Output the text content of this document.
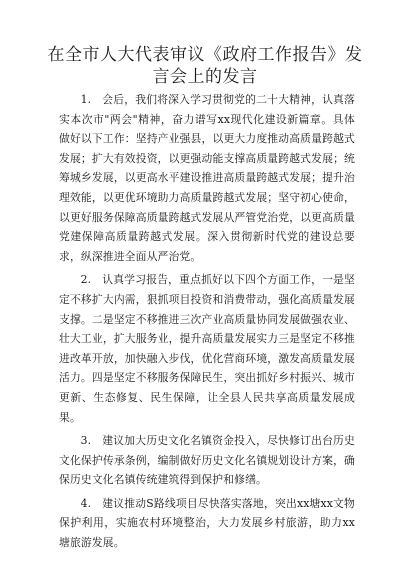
在全市人大代表审议《政府工作报告》发言会上的发言

1.　会后，我们将深入学习贯彻党的二十大精神，认真落实本次市"两会"精神，奋力谱写xx现代化建设新篇章。具体做好以下工作：坚持产业强县，以更大力度推动高质量跨越式发展；扩大有效投资，以更强动能支撑高质量跨越式发展；统筹城乡发展，以更高水平建设推进高质量跨越式发展；提升治理效能，以更优环境助力高质量跨越式发展；坚守初心使命，以更好服务保障高质量跨越式发展从严管党治党，以更高质量党建保障高质量跨越式发展。深入贯彻新时代党的建设总要求，纵深推进全面从严治党。

2.　认真学习报告，重点抓好以下四个方面工作，一是坚定不移扩大内需，狠抓项目投资和消费带动，强化高质量发展支撑。二是坚定不移推进三次产业高质量协同发展做强农业、壮大工业，扩大服务业，提升高质量发展实力三是坚定不移推进改革开放，加快融入步伐，优化营商环境，激发高质量发展活力。四是坚定不移服务保障民生，突出抓好乡村振兴、城市更新、生态修复、民生保障，让全县人民共享高质量发展成果。

3.　建议加大历史文化名镇资金投入，尽快修订出台历史文化保护传承条例，编制做好历史文化名镇规划设计方案，确保历史文化名镇传统建筑得到保护和修缮。

4.　建议推动S路线项目尽快落实落地，突出xx塘xx文物保护利用，实施农村环境整治，大力发展乡村旅游，助力xx塘旅游发展。
